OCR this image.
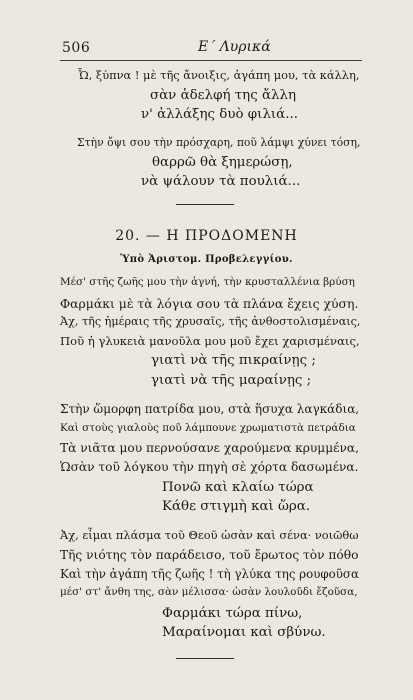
506	Ε΄ Λυρικά
Ὦ, ξύπνα ! μὲ τῆς ἄνοιξις, ἀγάπη μου, τὰ κάλλη,
σὰν ἀδελφή της ἄλλη
ν' ἀλλάξης δυὸ φιλιά...
Στὴν ὄψι σου τὴν πρόσχαρη, ποῦ λάμψι χύνει τόση,
θαρρῶ θὰ ξημερώσῃ,
νὰ ψάλουν τὰ πουλιά...
20. — Η ΠΡΟΔΟΜΕΝΗ
Ὑπὸ Ἀριστομ. Προβελεγγίου.
Μέσ' στῆς ζωῆς μου τὴν ἁγνή, τὴν κρυσταλλένια βρύση
Φαρμάκι μὲ τὰ λόγια σου τὰ πλάνα ἔχεις χύση.
Ἀχ, τῆς ἡμέραις τῆς χρυσαῖς, τῆς ἀνθοστολισμέναις,
Ποῦ ἡ γλυκειὰ μανοῦλα μου μοῦ ἔχει χαρισμέναις,
γιατὶ νὰ τῆς πικραίνῃς ;
γιατὶ νὰ τῆς μαραίνῃς ;
Στὴν ὥμορφη πατρίδα μου, στὰ ἥσυχα λαγκάδια,
Καὶ στοὺς γιαλοὺς ποῦ λάμπουνε χρωματιστὰ πετράδια
Τὰ νιᾶτα μου περνούσανε χαρούμενα κρυμμένα,
Ὡσὰν τοῦ λόγκου τὴν πηγὴ σὲ χόρτα δασωμένα.
Πονῶ καὶ κλαίω τώρα
Κάθε στιγμὴ καὶ ὥρα.
Ἀχ, εἶμαι πλάσμα τοῦ Θεοῦ ὡσὰν καὶ σένα· νοιῶθω
Τῆς νιότης τὸν παράδεισο, τοῦ ἔρωτος τὸν πόθο
Καὶ τὴν ἀγάπη τῆς ζωῆς ! τὴ γλύκα της ρουφοῦσα
μέσ' στ' ἄνθη της, σὰν μέλισσα· ὡσὰν λουλοῦδι ἔζοῦσα,
Φαρμάκι τώρα πίνω,
Μαραίνομαι καὶ σβύνω.
